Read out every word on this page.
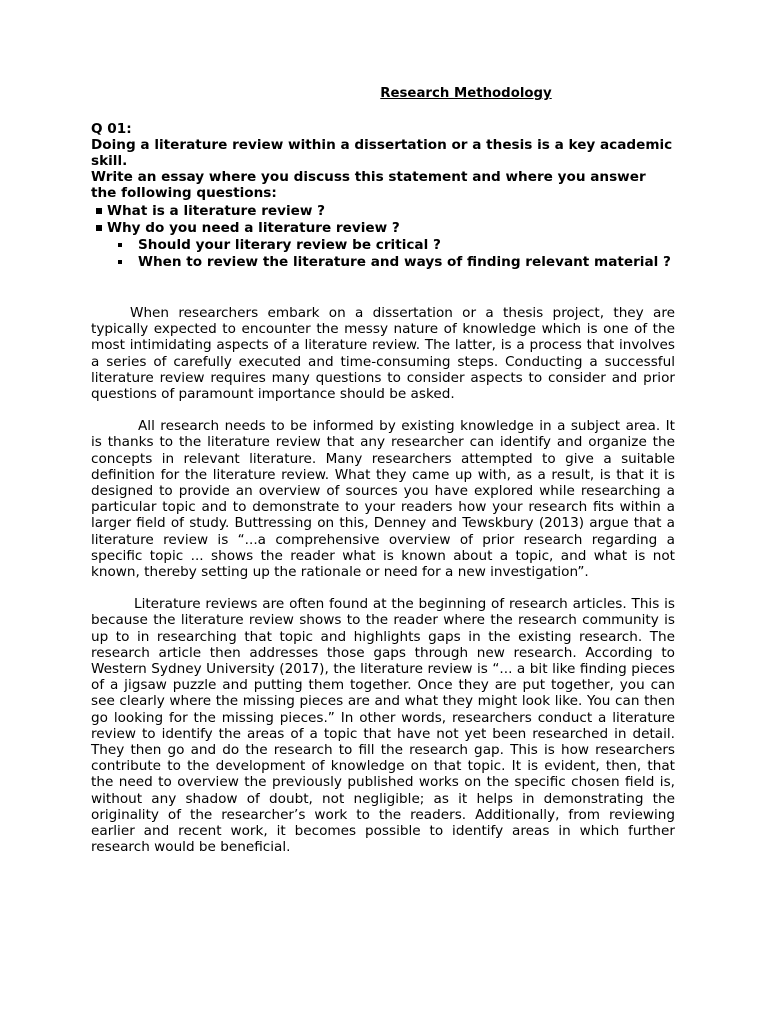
Research Methodology
Q 01:
Doing a literature review within a dissertation or a thesis is a key academic skill.
Write an essay where you discuss this statement and where you answer the following questions:
What is a literature review ?
Why do you need a literature review ?
Should your literary review be critical ?
When to review the literature and ways of finding relevant material ?

When researchers embark on a dissertation or a thesis project, they are typically expected to encounter the messy nature of knowledge which is one of the most intimidating aspects of a literature review. The latter, is a process that involves a series of carefully executed and time-consuming steps. Conducting a successful literature review requires many questions to consider aspects to consider and prior questions of paramount importance should be asked.

All research needs to be informed by existing knowledge in a subject area. It is thanks to the literature review that any researcher can identify and organize the concepts in relevant literature. Many researchers attempted to give a suitable definition for the literature review. What they came up with, as a result, is that it is designed to provide an overview of sources you have explored while researching a particular topic and to demonstrate to your readers how your research fits within a larger field of study. Buttressing on this, Denney and Tewskbury (2013) argue that a literature review is “...a comprehensive overview of prior research regarding a specific topic ... shows the reader what is known about a topic, and what is not known, thereby setting up the rationale or need for a new investigation”.

Literature reviews are often found at the beginning of research articles. This is because the literature review shows to the reader where the research community is up to in researching that topic and highlights gaps in the existing research. The research article then addresses those gaps through new research. According to Western Sydney University (2017), the literature review is “... a bit like finding pieces of a jigsaw puzzle and putting them together. Once they are put together, you can see clearly where the missing pieces are and what they might look like. You can then go looking for the missing pieces.” In other words, researchers conduct a literature review to identify the areas of a topic that have not yet been researched in detail. They then go and do the research to fill the research gap. This is how researchers contribute to the development of knowledge on that topic. It is evident, then, that the need to overview the previously published works on the specific chosen field is, without any shadow of doubt, not negligible; as it helps in demonstrating the originality of the researcher’s work to the readers. Additionally, from reviewing earlier and recent work, it becomes possible to identify areas in which further research would be beneficial.
